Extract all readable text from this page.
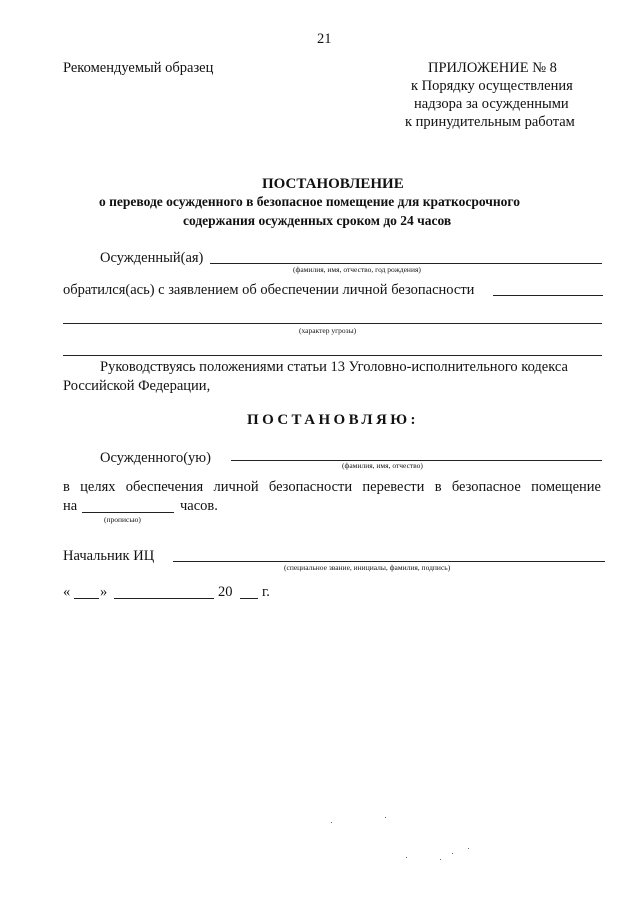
21
Рекомендуемый образец	ПРИЛОЖЕНИЕ № 8
к Порядку осуществления
надзора за осужденными
к принудительным работам
ПОСТАНОВЛЕНИЕ
о переводе осужденного в безопасное помещение для краткосрочного
содержания осужденных сроком до 24 часов
Осужденный(ая)
(фамилия, имя, отчество, год рождения)
обратился(ась) с заявлением об обеспечении личной безопасности
(характер угрозы)
Руководствуясь положениями статьи 13 Уголовно-исполнительного кодекса
Российской Федерации,
ПОСТАНОВЛЯЮ:
Осужденного(ую)	(фамилия, имя, отчество)
в целях обеспечения личной безопасности перевести в безопасное помещение
на	часов.
(прописью)
Начальник ИЦ
(специальное звание, инициалы, фамилия, подпись)
« »	20 г.
